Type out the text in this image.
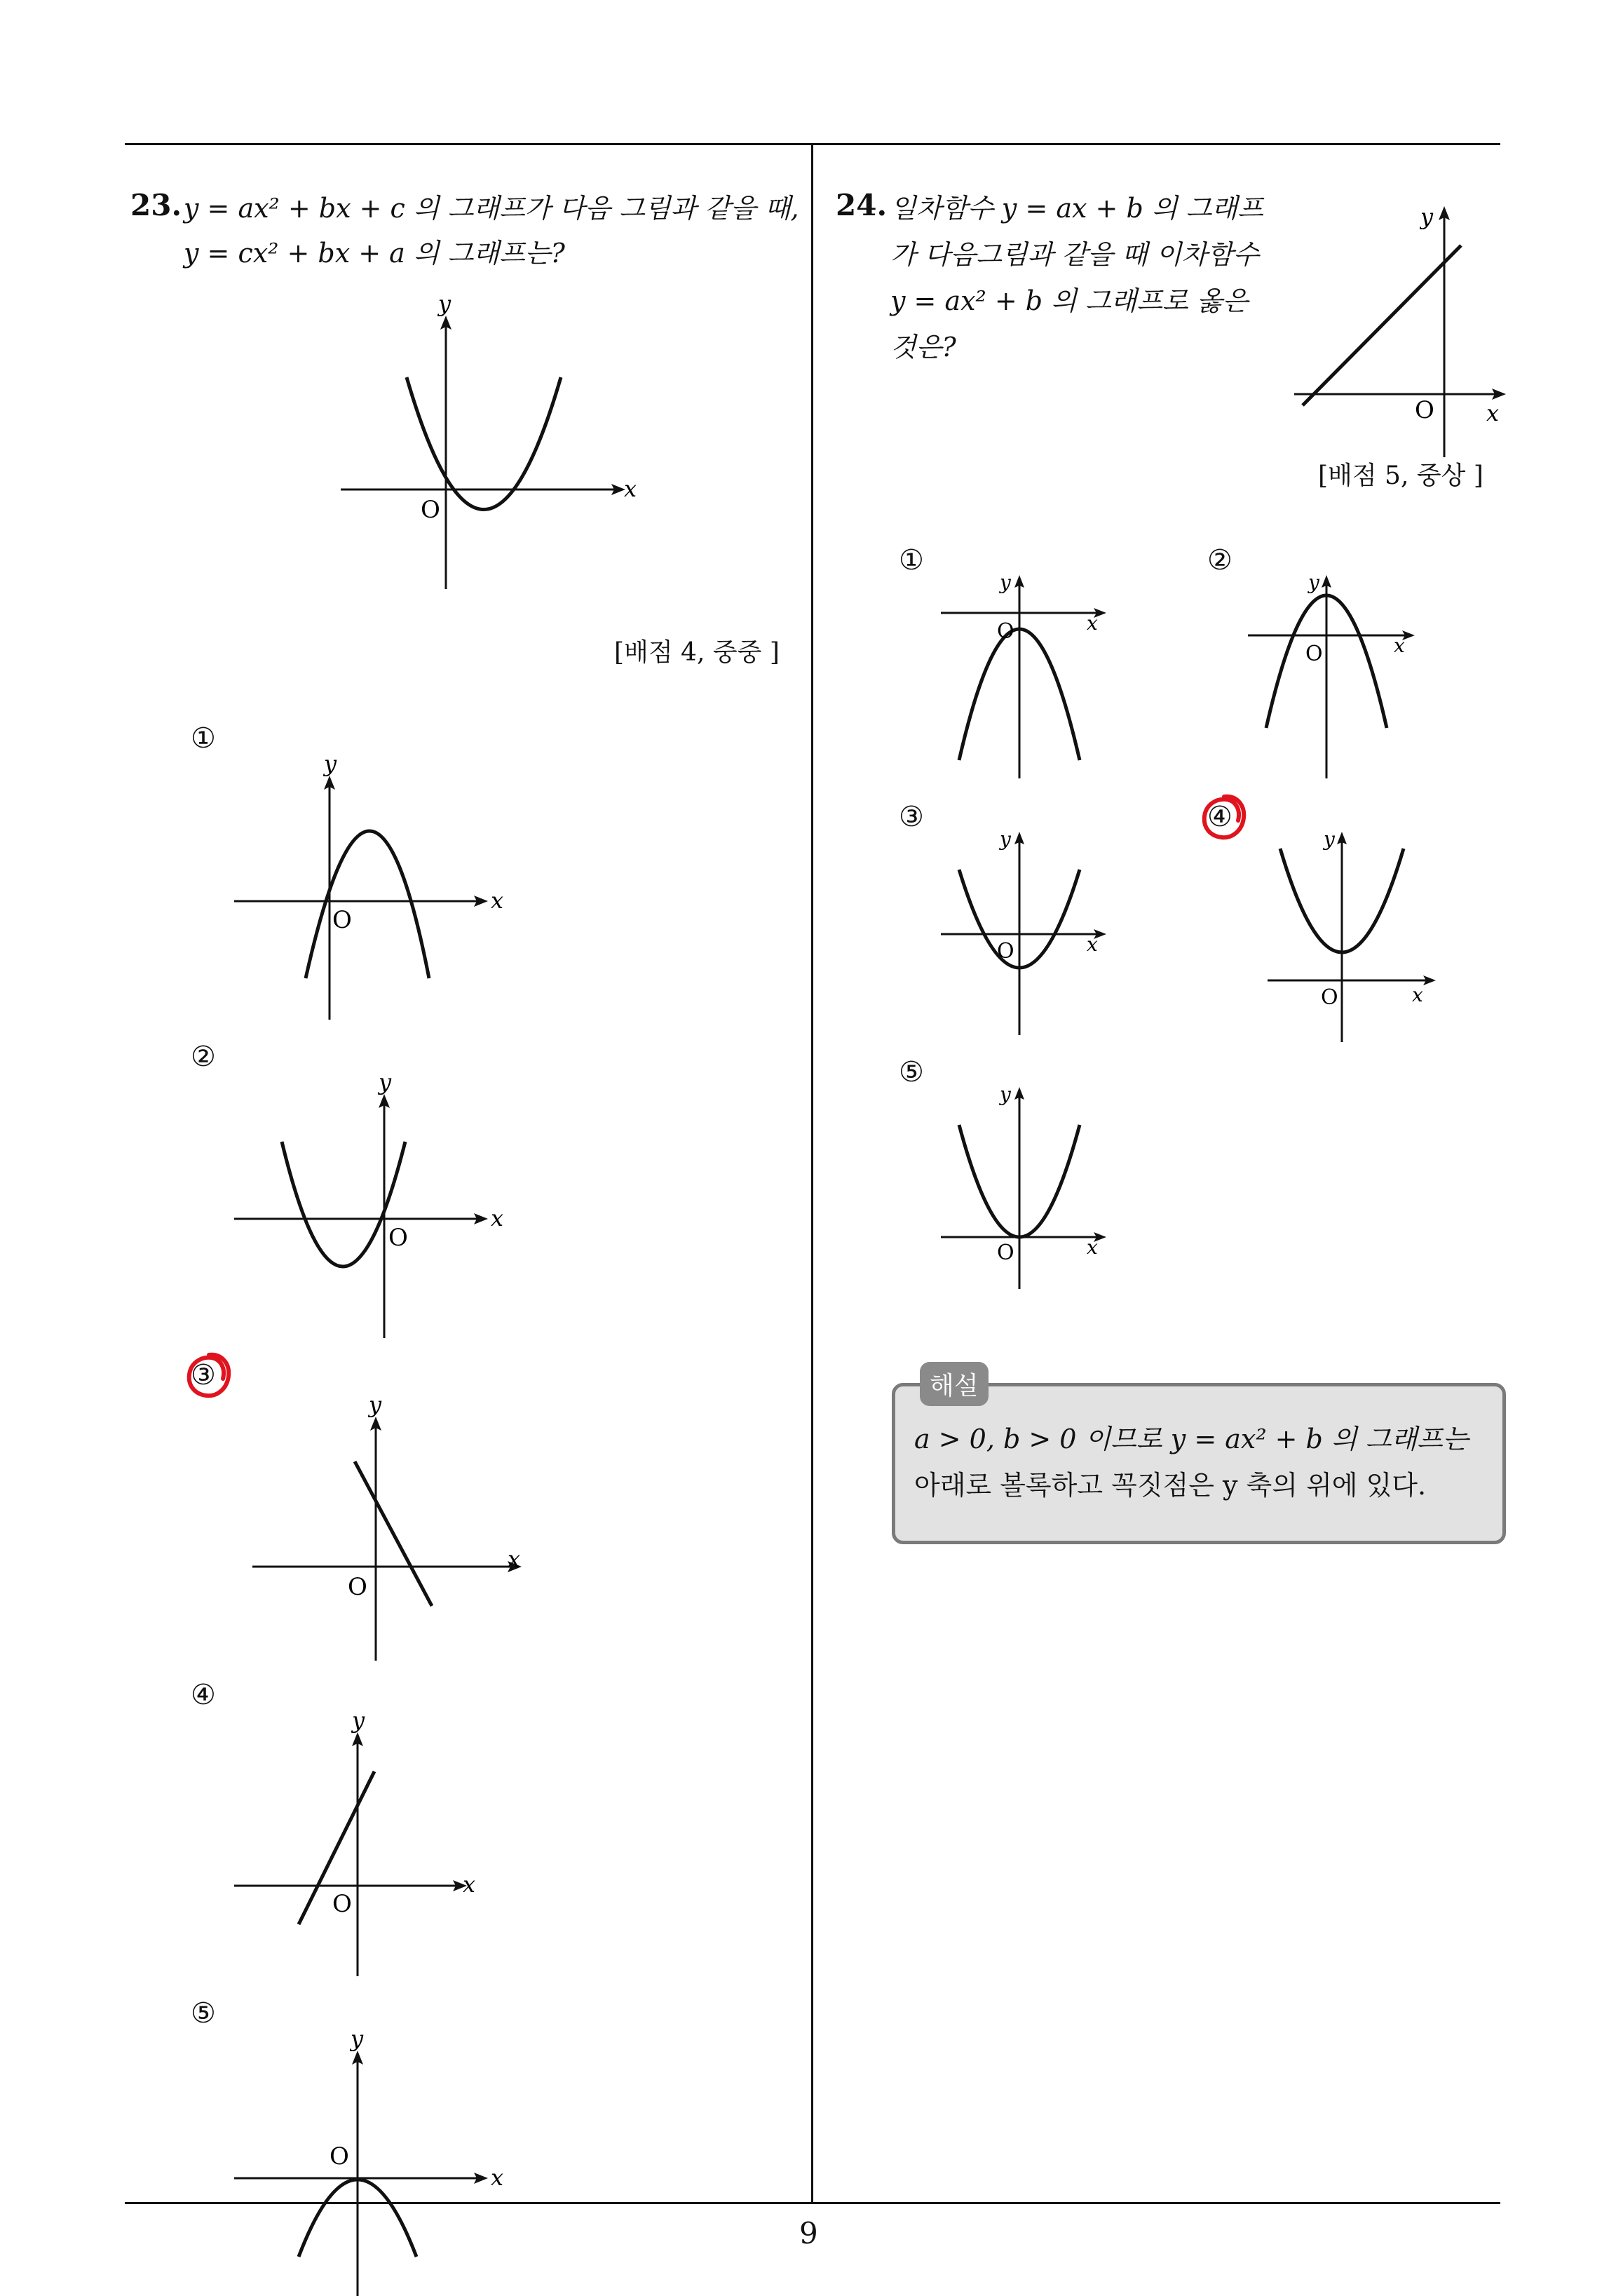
9
23. y = ax² + bx + c 의 그래프가 다음 그림과 같을 때,
y = cx² + bx + a 의 그래프는?
x
y
O
[배점 4, 중중 ]
①
x
y
O
②
x
y
O
③
x
y
O
④
x
y
O
⑤
x
y
O
24. 일차함수 y = ax + b 의 그래프
가 다음그림과 같을 때 이차함수
y = ax² + b 의 그래프로 옳은
것은?
x
y
O
[배점 5, 중상 ]
①
x
y
O
②
x
y
O
③
x
y
O
④
x
y
O
⑤
x
y
O
해설
a > 0, b > 0 이므로 y = ax² + b 의 그래프는
아래로 볼록하고 꼭짓점은 y 축의 위에 있다.
